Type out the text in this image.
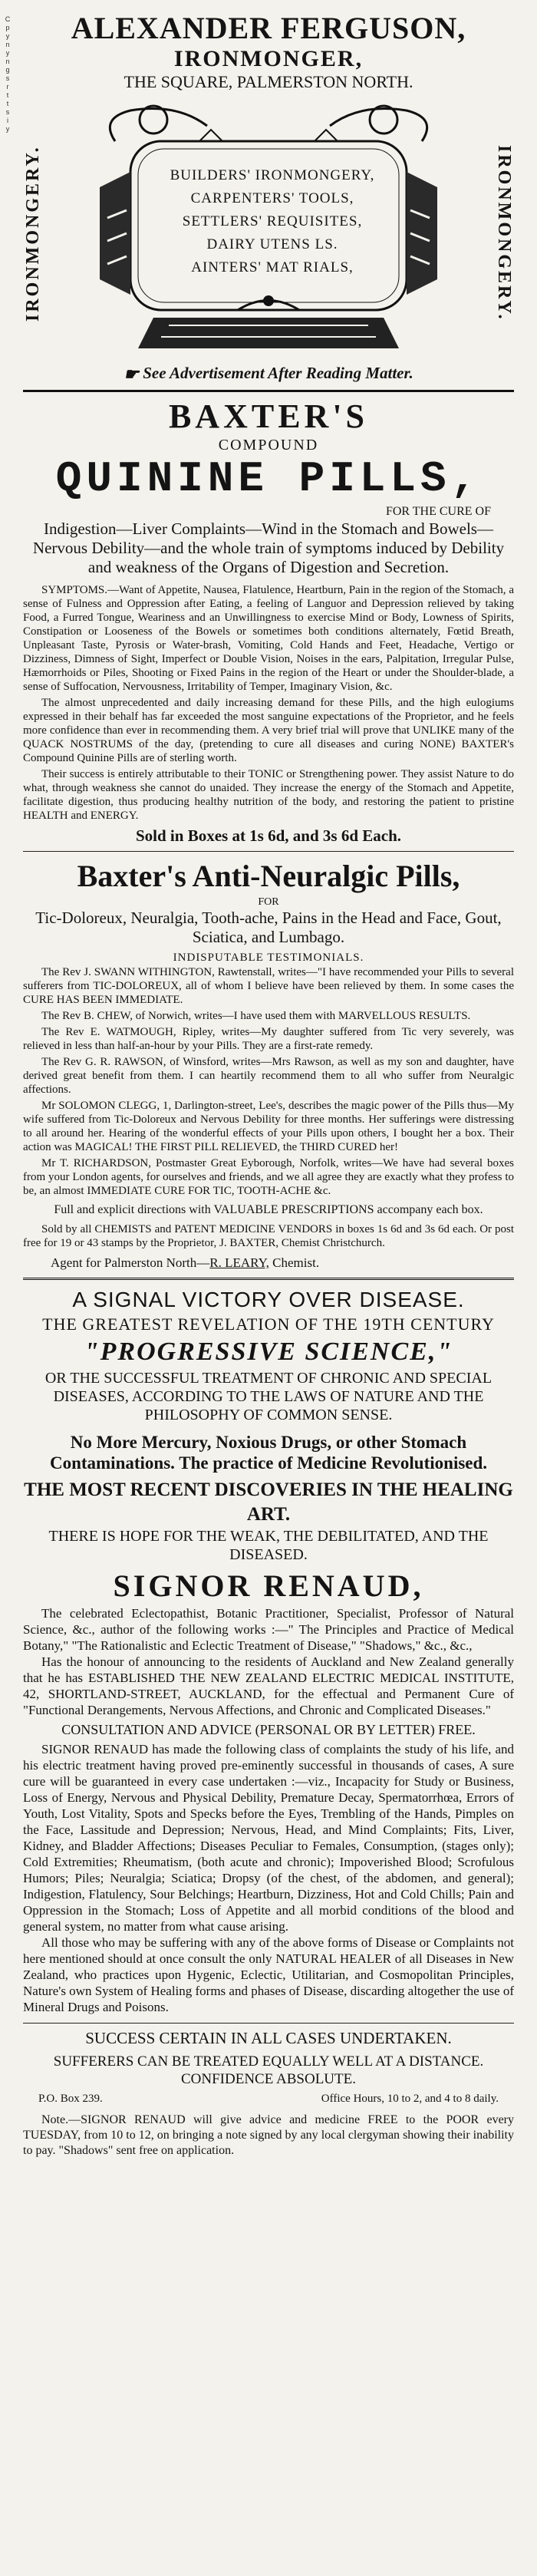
C
p
y
n
y
n
g
s
r
t
t
s
i
y
ALEXANDER FERGUSON,
IRONMONGER,
THE SQUARE, PALMERSTON NORTH.
IRONMONGERY.	BUILDERS' IRONMONGERY,
CARPENTERS' TOOLS,
SETTLERS' REQUISITES,
DAIRY UTENS LS.
AINTERS' MAT RIALS,	IRONMONGERY.
☛ See Advertisement After Reading Matter.
BAXTER'S
COMPOUND
QUININE PILLS,
FOR THE CURE OF
Indigestion—Liver Complaints—Wind in the Stomach and Bowels—Nervous Debility—and the whole train of symptoms induced by Debility and weakness of the Organs of Digestion and Secretion.

SYMPTOMS.—Want of Appetite, Nausea, Flatulence, Heartburn, Pain in the region of the Stomach, a sense of Fulness and Oppression after Eating, a feeling of Languor and Depression relieved by taking Food, a Furred Tongue, Weariness and an Unwillingness to exercise Mind or Body, Lowness of Spirits, Constipation or Looseness of the Bowels or sometimes both conditions alternately, Fœtid Breath, Unpleasant Taste, Pyrosis or Water-brash, Vomiting, Cold Hands and Feet, Headache, Vertigo or Dizziness, Dimness of Sight, Imperfect or Double Vision, Noises in the ears, Palpitation, Irregular Pulse, Hæmorrhoids or Piles, Shooting or Fixed Pains in the region of the Heart or under the Shoulder-blade, a sense of Suffocation, Nervousness, Irritability of Temper, Imaginary Vision, &c.

The almost unprecedented and daily increasing demand for these Pills, and the high eulogiums expressed in their behalf has far exceeded the most sanguine expectations of the Proprietor, and he feels more confidence than ever in recommending them. A very brief trial will prove that UNLIKE many of the QUACK NOSTRUMS of the day, (pretending to cure all diseases and curing NONE) BAXTER's Compound Quinine Pills are of sterling worth.

Their success is entirely attributable to their TONIC or Strengthening power. They assist Nature to do what, through weakness she cannot do unaided. They increase the energy of the Stomach and Appetite, facilitate digestion, thus producing healthy nutrition of the body, and restoring the patient to pristine HEALTH and ENERGY.

Sold in Boxes at 1s 6d, and 3s 6d Each.
Baxter's Anti-Neuralgic Pills,
FOR
Tic-Doloreux, Neuralgia, Tooth-ache, Pains in the Head and Face, Gout, Sciatica, and Lumbago.
INDISPUTABLE TESTIMONIALS.

The Rev J. SWANN WITHINGTON, Rawtenstall, writes—"I have recommended your Pills to several sufferers from TIC-DOLOREUX, all of whom I believe have been relieved by them. In some cases the CURE HAS BEEN IMMEDIATE.

The Rev B. CHEW, of Norwich, writes—I have used them with MARVELLOUS RESULTS.

The Rev E. WATMOUGH, Ripley, writes—My daughter suffered from Tic very severely, was relieved in less than half-an-hour by your Pills. They are a first-rate remedy.

The Rev G. R. RAWSON, of Winsford, writes—Mrs Rawson, as well as my son and daughter, have derived great benefit from them. I can heartily recommend them to all who suffer from Neuralgic affections.

Mr SOLOMON CLEGG, 1, Darlington-street, Lee's, describes the magic power of the Pills thus—My wife suffered from Tic-Doloreux and Nervous Debility for three months. Her sufferings were distressing to all around her. Hearing of the wonderful effects of your Pills upon others, I bought her a box. Their action was MAGICAL! THE FIRST PILL RELIEVED, the THIRD CURED her!

Mr T. RICHARDSON, Postmaster Great Eyborough, Norfolk, writes—We have had several boxes from your London agents, for ourselves and friends, and we all agree they are exactly what they profess to be, an almost IMMEDIATE CURE FOR TIC, TOOTH-ACHE &c.

Full and explicit directions with VALUABLE PRESCRIPTIONS accompany each box.

Sold by all CHEMISTS and PATENT MEDICINE VENDORS in boxes 1s 6d and 3s 6d each. Or post free for 19 or 43 stamps by the Proprietor, J. BAXTER, Chemist Christchurch.

Agent for Palmerston North—R. LEARY, Chemist.
A SIGNAL VICTORY OVER DISEASE.
THE GREATEST REVELATION OF THE 19TH CENTURY
"PROGRESSIVE SCIENCE,"
OR THE SUCCESSFUL TREATMENT OF CHRONIC AND SPECIAL DISEASES, ACCORDING TO THE LAWS OF NATURE AND THE PHILOSOPHY OF COMMON SENSE.
No More Mercury, Noxious Drugs, or other Stomach Contaminations. The practice of Medicine Revolutionised.
THE MOST RECENT DISCOVERIES IN THE HEALING ART.
THERE IS HOPE FOR THE WEAK, THE DEBILITATED, AND THE DISEASED.
SIGNOR RENAUD,

The celebrated Eclectopathist, Botanic Practitioner, Specialist, Professor of Natural Science, &c., author of the following works :—" The Principles and Practice of Medical Botany," "The Rationalistic and Eclectic Treatment of Disease," "Shadows," &c., &c.,

Has the honour of announcing to the residents of Auckland and New Zealand generally that he has ESTABLISHED THE NEW ZEALAND ELECTRIC MEDICAL INSTITUTE, 42, SHORTLAND-STREET, AUCKLAND, for the effectual and Permanent Cure of "Functional Derangements, Nervous Affections, and Chronic and Complicated Diseases."

CONSULTATION AND ADVICE (PERSONAL OR BY LETTER) FREE.

SIGNOR RENAUD has made the following class of complaints the study of his life, and his electric treatment having proved pre-eminently successful in thousands of cases, A sure cure will be guaranteed in every case undertaken :—viz., Incapacity for Study or Business, Loss of Energy, Nervous and Physical Debility, Premature Decay, Spermatorrhœa, Errors of Youth, Lost Vitality, Spots and Specks before the Eyes, Trembling of the Hands, Pimples on the Face, Lassitude and Depression; Nervous, Head, and Mind Complaints; Fits, Liver, Kidney, and Bladder Affections; Diseases Peculiar to Females, Consumption, (stages only); Cold Extremities; Rheumatism, (both acute and chronic); Impoverished Blood; Scrofulous Humors; Piles; Neuralgia; Sciatica; Dropsy (of the chest, of the abdomen, and general); Indigestion, Flatulency, Sour Belchings; Heartburn, Dizziness, Hot and Cold Chills; Pain and Oppression in the Stomach; Loss of Appetite and all morbid conditions of the blood and general system, no matter from what cause arising.

All those who may be suffering with any of the above forms of Disease or Complaints not here mentioned should at once consult the only NATURAL HEALER of all Diseases in New Zealand, who practices upon Hygenic, Eclectic, Utilitarian, and Cosmopolitan Principles, Nature's own System of Healing forms and phases of Disease, discarding altogether the use of Mineral Drugs and Poisons.

SUCCESS CERTAIN IN ALL CASES UNDERTAKEN.
SUFFERERS CAN BE TREATED EQUALLY WELL AT A DISTANCE. CONFIDENCE ABSOLUTE.
P.O. Box 239.	Office Hours, 10 to 2, and 4 to 8 daily.
Note.—SIGNOR RENAUD will give advice and medicine FREE to the POOR every TUESDAY, from 10 to 12, on bringing a note signed by any local clergyman showing their inability to pay. "Shadows" sent free on application.
